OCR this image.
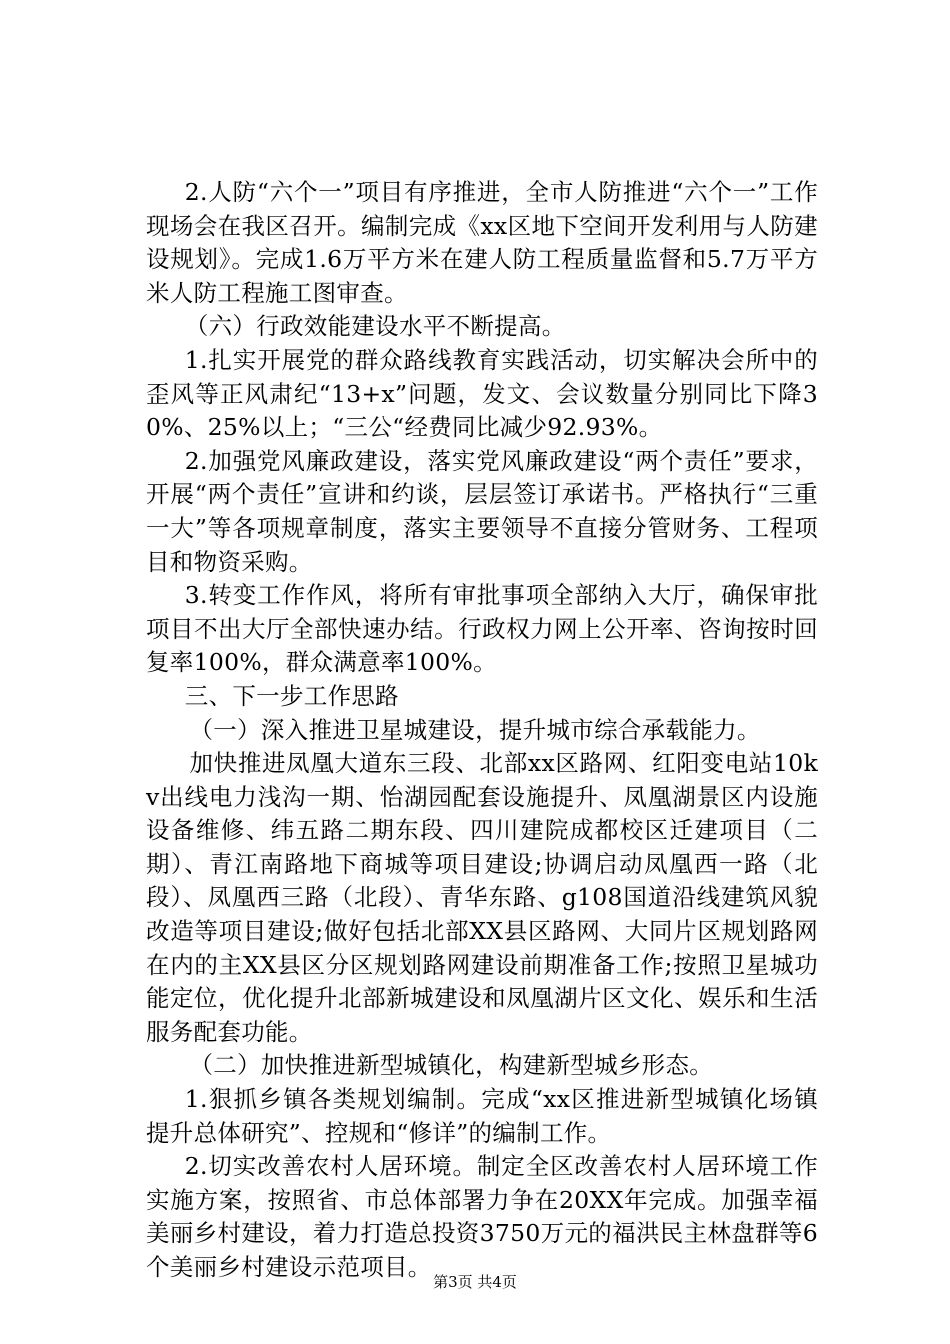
2.人防“六个一”项目有序推进，全市人防推进“六个一”工作现场会在我区召开。编制完成《xx区地下空间开发利用与人防建设规划》。完成1.6万平方米在建人防工程质量监督和5.7万平方米人防工程施工图审查。

（六）行政效能建设水平不断提高。

1.扎实开展党的群众路线教育实践活动，切实解决会所中的歪风等正风肃纪“13+x”问题，发文、会议数量分别同比下降30%、25%以上；“三公“经费同比减少92.93%。

2.加强党风廉政建设，落实党风廉政建设“两个责任”要求，开展“两个责任”宣讲和约谈，层层签订承诺书。严格执行“三重一大”等各项规章制度，落实主要领导不直接分管财务、工程项目和物资采购。

3.转变工作作风，将所有审批事项全部纳入大厅，确保审批项目不出大厅全部快速办结。行政权力网上公开率、咨询按时回复率100%，群众满意率100%。

三、下一步工作思路

（一）深入推进卫星城建设，提升城市综合承载能力。

加快推进凤凰大道东三段、北部xx区路网、红阳变电站10kv出线电力浅沟一期、怡湖园配套设施提升、凤凰湖景区内设施设备维修、纬五路二期东段、四川建院成都校区迁建项目（二期）、青江南路地下商城等项目建设;协调启动凤凰西一路（北段）、凤凰西三路（北段）、青华东路、g108国道沿线建筑风貌改造等项目建设;做好包括北部XX县区路网、大同片区规划路网在内的主XX县区分区规划路网建设前期准备工作;按照卫星城功能定位，优化提升北部新城建设和凤凰湖片区文化、娱乐和生活服务配套功能。

（二）加快推进新型城镇化，构建新型城乡形态。

1.狠抓乡镇各类规划编制。完成“xx区推进新型城镇化场镇提升总体研究”、控规和“修详”的编制工作。

2.切实改善农村人居环境。制定全区改善农村人居环境工作实施方案，按照省、市总体部署力争在20XX年完成。加强幸福美丽乡村建设，着力打造总投资3750万元的福洪民主林盘群等6个美丽乡村建设示范项目。

第3页 共4页
